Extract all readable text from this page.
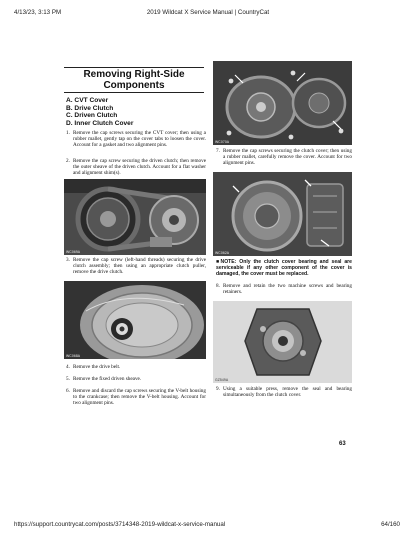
4/13/23, 3:13 PM	2019 Wildcat X Service Manual | CountryCat
Removing Right-Side
Components
A. CVT Cover
B. Drive Clutch
C. Driven Clutch
D. Inner Clutch Cover
1. Remove the cap screws securing the CVT cover; then using a rubber mallet, gently tap on the cover tabs to loosen the cover. Account for a gasket and two alignment pins.
2. Remove the cap screw securing the driven clutch; then remove the outer sheave of the driven clutch. Account for a flat washer and alignment shim(s).
WC069A
3. Remove the cap screw (left-hand threads) securing the drive clutch assembly; then using an appropriate clutch puller, remove the drive clutch.
WC068A
4. Remove the drive belt.
5. Remove the fixed driven sheave.
6. Remove and discard the cap screws securing the V-belt housing to the crankcase; then remove the V-belt housing. Account for two alignment pins.
WC070A
7. Remove the cap screws securing the clutch cover; then using a rubber mallet, carefully remove the cover. Account for two alignment pins.
WC062A
■NOTE: Only the clutch cover bearing and seal are serviceable if any other component of the cover is damaged, the cover must be replaced.
8. Remove and retain the two machine screws and bearing retainers.
GZ549A
9. Using a suitable press, remove the seal and bearing simultaneously from the clutch cover.
63
https://support.countrycat.com/posts/3714348-2019-wildcat-x-service-manual	64/160
